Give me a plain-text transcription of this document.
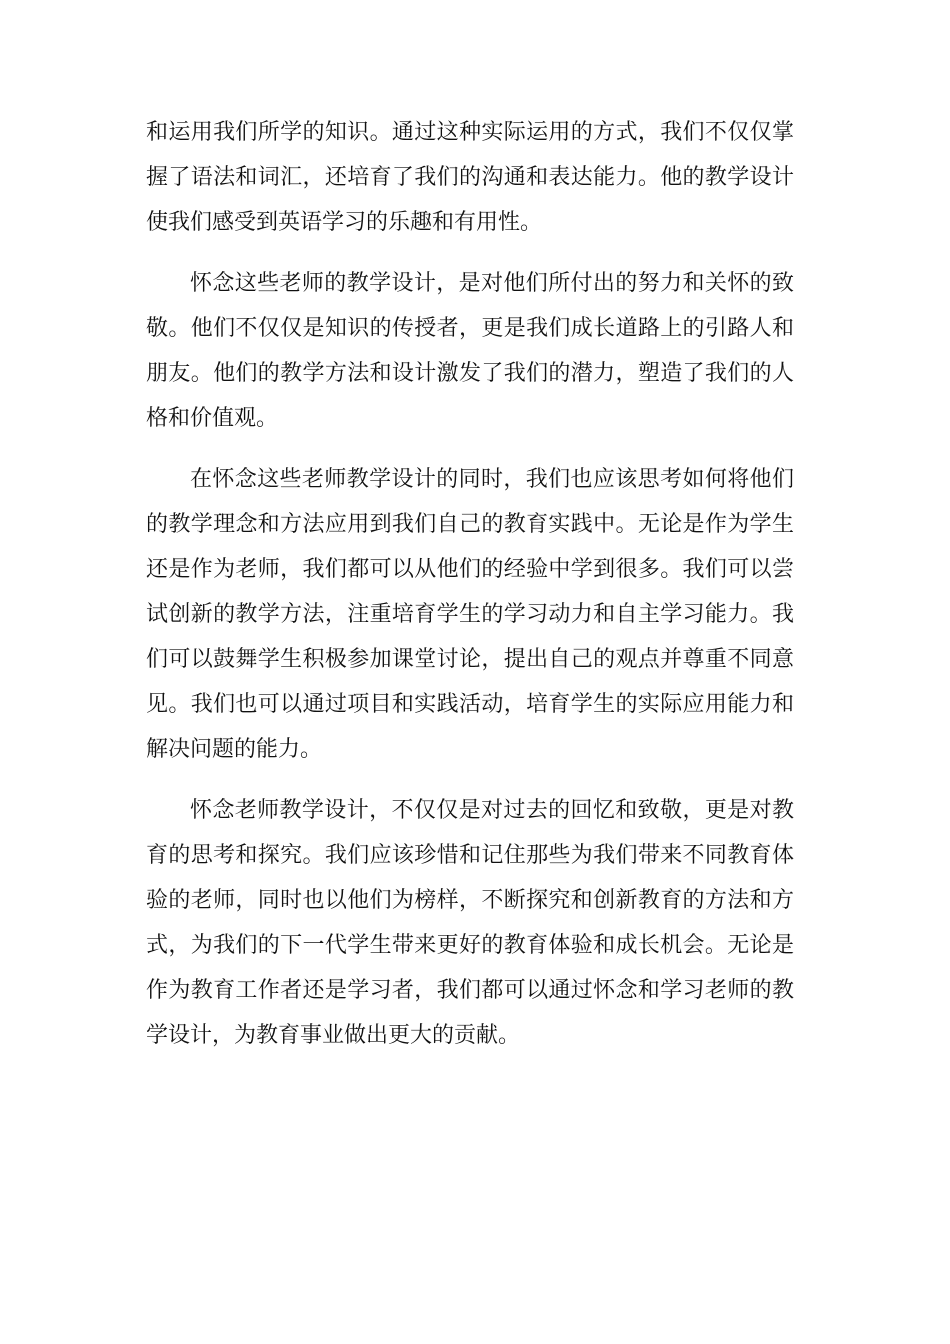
和运用我们所学的知识。通过这种实际运用的方式，我们不仅仅掌握了语法和词汇，还培育了我们的沟通和表达能力。他的教学设计使我们感受到英语学习的乐趣和有用性。

怀念这些老师的教学设计，是对他们所付出的努力和关怀的致敬。他们不仅仅是知识的传授者，更是我们成长道路上的引路人和朋友。他们的教学方法和设计激发了我们的潜力，塑造了我们的人格和价值观。

在怀念这些老师教学设计的同时，我们也应该思考如何将他们的教学理念和方法应用到我们自己的教育实践中。无论是作为学生还是作为老师，我们都可以从他们的经验中学到很多。我们可以尝试创新的教学方法，注重培育学生的学习动力和自主学习能力。我们可以鼓舞学生积极参加课堂讨论，提出自己的观点并尊重不同意见。我们也可以通过项目和实践活动，培育学生的实际应用能力和解决问题的能力。

怀念老师教学设计，不仅仅是对过去的回忆和致敬，更是对教育的思考和探究。我们应该珍惜和记住那些为我们带来不同教育体验的老师，同时也以他们为榜样，不断探究和创新教育的方法和方式，为我们的下一代学生带来更好的教育体验和成长机会。无论是作为教育工作者还是学习者，我们都可以通过怀念和学习老师的教学设计，为教育事业做出更大的贡献。
